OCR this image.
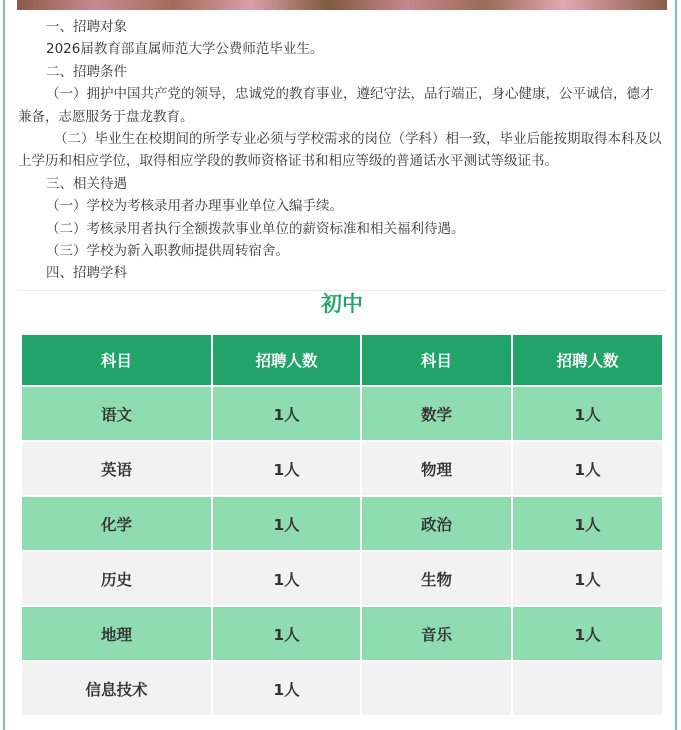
一、招聘对象

2026届教育部直属师范大学公费师范毕业生。

二、招聘条件

（一）拥护中国共产党的领导，忠诚党的教育事业，遵纪守法，品行端正，身心健康，公平诚信，德才兼备，志愿服务于盘龙教育。

（二）毕业生在校期间的所学专业必须与学校需求的岗位（学科）相一致，毕业后能按期取得本科及以上学历和相应学位，取得相应学段的教师资格证书和相应等级的普通话水平测试等级证书。

三、相关待遇

（一）学校为考核录用者办理事业单位入编手续。

（二）考核录用者执行全额拨款事业单位的薪资标准和相关福利待遇。

（三）学校为新入职教师提供周转宿舍。

四、招聘学科

初中
科目	招聘人数	科目	招聘人数
语文	1人	数学	1人
英语	1人	物理	1人
化学	1人	政治	1人
历史	1人	生物	1人
地理	1人	音乐	1人
信息技术	1人		
